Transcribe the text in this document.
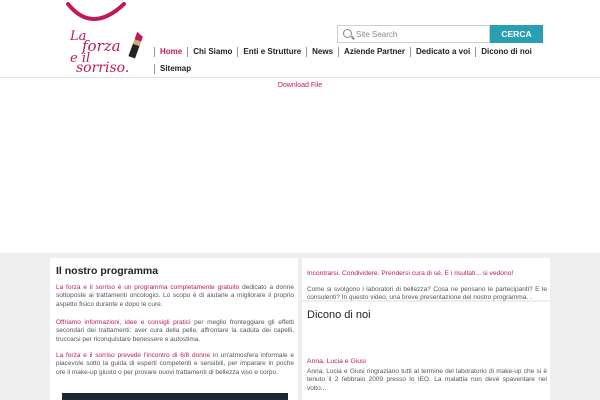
La
forza
e il
sorriso.
Site Search
CERCA
Home	Chi Siamo	Enti e Strutture	News	Aziende Partner	Dedicato a voi	Dicono di noi
Sitemap
Download File
Il nostro programma

La forza e il sorriso è un programma completamente gratuito dedicato a donne sottoposte ai trattamenti oncologici. Lo scopo è di aiutarle a migliorare il proprio aspetto fisico durante e dopo le cure.

Offriamo informazioni, idee e consigli pratici per meglio fronteggiare gli effetti secondari dei trattamenti: aver cura della pelle, affrontare la caduta dei capelli, truccarsi per riconquistare benessere e autostima.

La forza e il sorriso prevede l'incontro di 6/8 donne in un'atmosfera informale e piacevole sotto la guida di esperti competenti e sensibili, per imparare in poche ore il make-up giusto o per provare nuovi trattamenti di bellezza viso e corpo.

Incontrarsi. Condividere. Prendersi cura di sé. E i risultati... si vedono!

Come si svolgono i laboratori di bellezza? Cosa ne pensano le partecipanti? E le consulenti? In questo video, una breve presentazione del nostro programma. .

Dicono di noi
Anna, Lucia e Giusi

Anna, Lucia e Giusi ringraziano tutti al termine del laboratorio di make-up che si è tenuto il 2 febbraio 2009 presso lo IEO. La malattia non deve spaventare nel volto...
